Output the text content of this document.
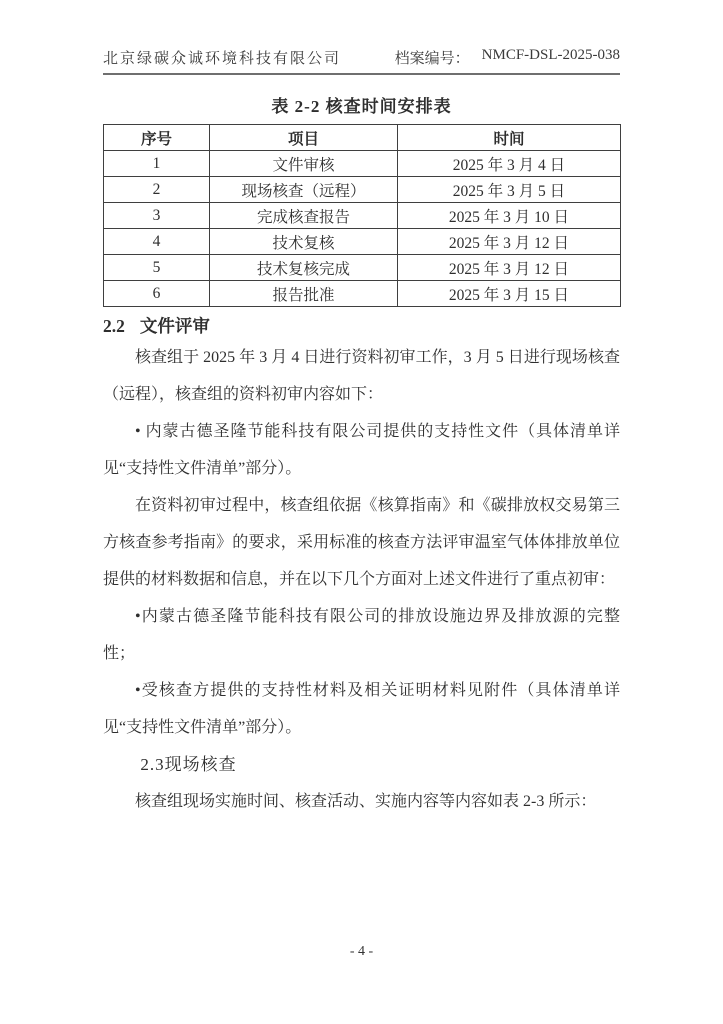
北京绿碳众诚环境科技有限公司	档案编号： NMCF-DSL-2025-038
表 2-2 核查时间安排表
序号	项目	时间
1	文件审核	2025 年 3 月 4 日
2	现场核查（远程）	2025 年 3 月 5 日
3	完成核查报告	2025 年 3 月 10 日
4	技术复核	2025 年 3 月 12 日
5	技术复核完成	2025 年 3 月 12 日
6	报告批准	2025 年 3 月 15 日
2.2 文件评审

核查组于 2025 年 3 月 4 日进行资料初审工作，3 月 5 日进行现场核查（远程），核查组的资料初审内容如下：

• 内蒙古德圣隆节能科技有限公司提供的支持性文件（具体清单详见“支持性文件清单”部分）。

在资料初审过程中，核查组依据《核算指南》和《碳排放权交易第三方核查参考指南》的要求，采用标准的核查方法评审温室气体体排放单位提供的材料数据和信息，并在以下几个方面对上述文件进行了重点初审：

•内蒙古德圣隆节能科技有限公司的排放设施边界及排放源的完整性；

•受核查方提供的支持性材料及相关证明材料见附件（具体清单详见“支持性文件清单”部分）。

2.3现场核查

核查组现场实施时间、核查活动、实施内容等内容如表 2-3 所示：

- 4 -
